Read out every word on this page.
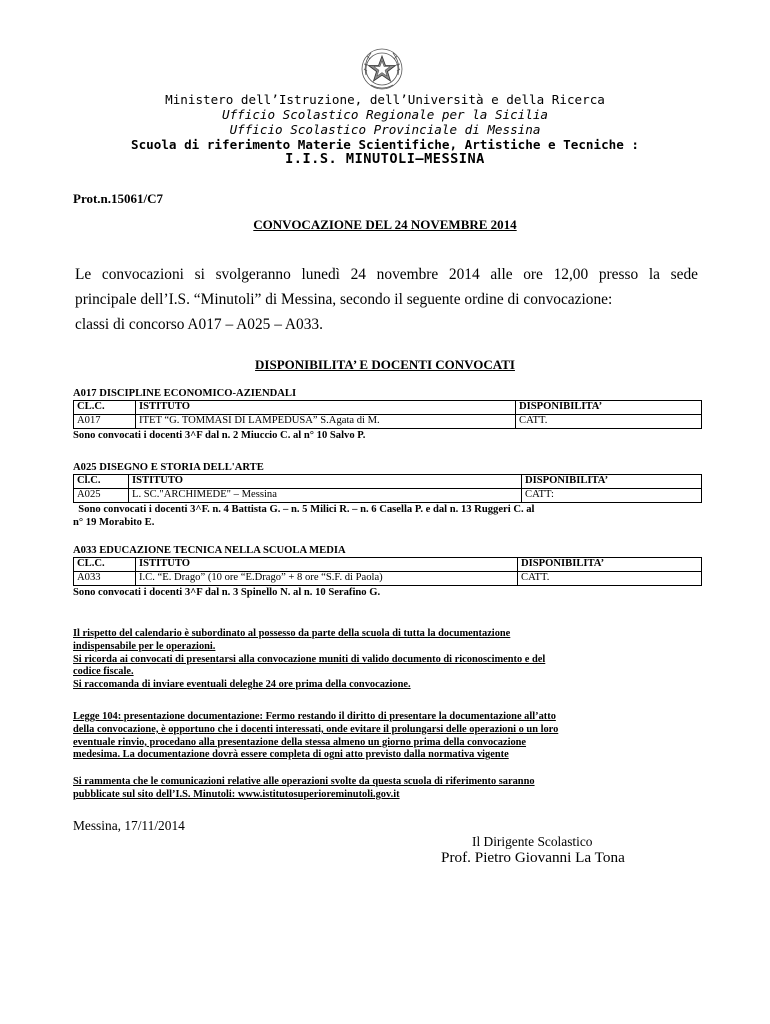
Ministero dell’Istruzione, dell’Università e della Ricerca
Ufficio Scolastico Regionale per la Sicilia
Ufficio Scolastico Provinciale di Messina
Scuola di riferimento Materie Scientifiche, Artistiche e Tecniche :
I.I.S. MINUTOLI–MESSINA
Prot.n.15061/C7
CONVOCAZIONE DEL 24 NOVEMBRE 2014
Le convocazioni si svolgeranno lunedì 24 novembre 2014 alle ore 12,00 presso la sede
principale dell’I.S. “Minutoli” di Messina, secondo il seguente ordine di convocazione:
classi di concorso A017 – A025 – A033.
DISPONIBILITA’ E DOCENTI CONVOCATI
A017 DISCIPLINE ECONOMICO-AZIENDALI
CL.C.	ISTITUTO	DISPONIBILITA’
A017	ITET “G. TOMMASI DI LAMPEDUSA” S.Agata di M.	CATT.
Sono convocati i docenti 3^F dal n. 2 Miuccio C. al n° 10 Salvo P.
A025 DISEGNO E STORIA DELL'ARTE
Cl.C.	ISTITUTO	DISPONIBILITA’
A025	L. SC."ARCHIMEDE" – Messina	CATT:
Sono convocati i docenti 3^F. n. 4 Battista G. – n. 5 Milici R. – n. 6 Casella P. e dal n. 13 Ruggeri C. al
n° 19 Morabito E.
A033 EDUCAZIONE TECNICA NELLA SCUOLA MEDIA
CL.C.	ISTITUTO	DISPONIBILITA’
A033	I.C. “E. Drago” (10 ore “E.Drago” + 8 ore “S.F. di Paola)	CATT.
Sono convocati i docenti 3^F dal n. 3 Spinello N. al n. 10 Serafino G.
Il rispetto del calendario è subordinato al possesso da parte della scuola di tutta la documentazione
indispensabile per le operazioni.
Si ricorda ai convocati di presentarsi alla convocazione muniti di valido documento di riconoscimento e del
codice fiscale.
Si raccomanda di inviare eventuali deleghe 24 ore prima della convocazione.
Legge 104: presentazione documentazione: Fermo restando il diritto di presentare la documentazione all’atto
della convocazione, è opportuno che i docenti interessati, onde evitare il prolungarsi delle operazioni o un loro
eventuale rinvio, procedano alla presentazione della stessa almeno un giorno prima della convocazione
medesima. La documentazione dovrà essere completa di ogni atto previsto dalla normativa vigente
Si rammenta che le comunicazioni relative alle operazioni svolte da questa scuola di riferimento saranno
pubblicate sul sito dell’I.S. Minutoli: www.istitutosuperioreminutoli.gov.it
Messina, 17/11/2014
Il Dirigente Scolastico
Prof. Pietro Giovanni La Tona
